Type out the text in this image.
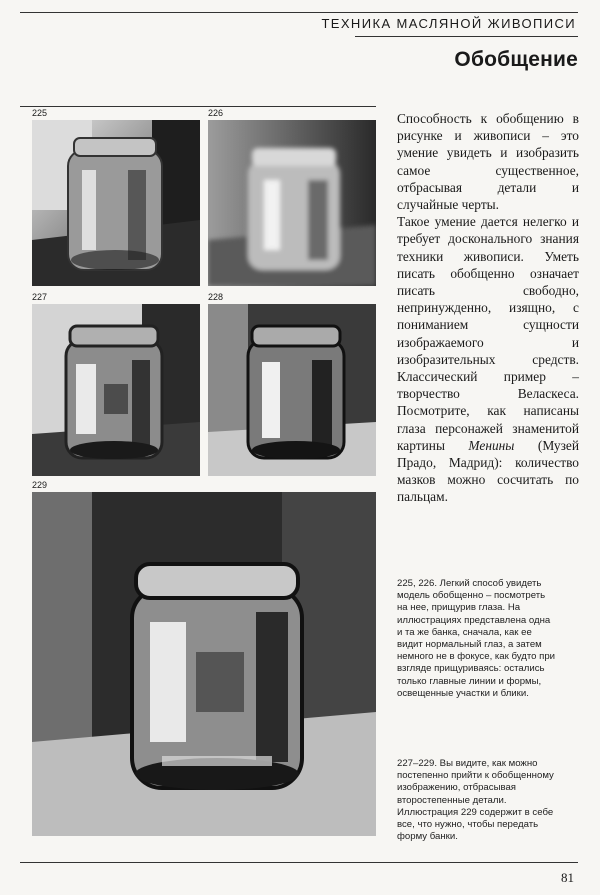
ТЕХНИКА МАСЛЯНОЙ ЖИВОПИСИ
Обобщение
225	226
227	228
229

Способность к обобщению в рисунке и живописи – это умение увидеть и изобразить самое существенное, отбрасывая детали и случайные черты.

Такое умение дается нелегко и требует досконального знания техники живописи. Уметь писать обобщенно означает писать свободно, непринужденно, изящно, с пониманием сущности изображаемого и изобразительных средств. Классический пример – творчество Веласкеса. Посмотрите, как написаны глаза персонажей знаменитой картины Менины (Музей Прадо, Мадрид): количество мазков можно сосчитать по пальцам.

225, 226. Легкий способ увидеть модель обобщенно – посмотреть на нее, прищурив глаза. На иллюстрациях представлена одна и та же банка, сначала, как ее видит нормальный глаз, а затем немного не в фокусе, как будто при взгляде прищуриваясь: остались только главные линии и формы, освещенные участки и блики.
227–229. Вы видите, как можно постепенно прийти к обобщенному изображению, отбрасывая второстепенные детали. Иллюстрация 229 содержит в себе все, что нужно, чтобы передать форму банки.
81
